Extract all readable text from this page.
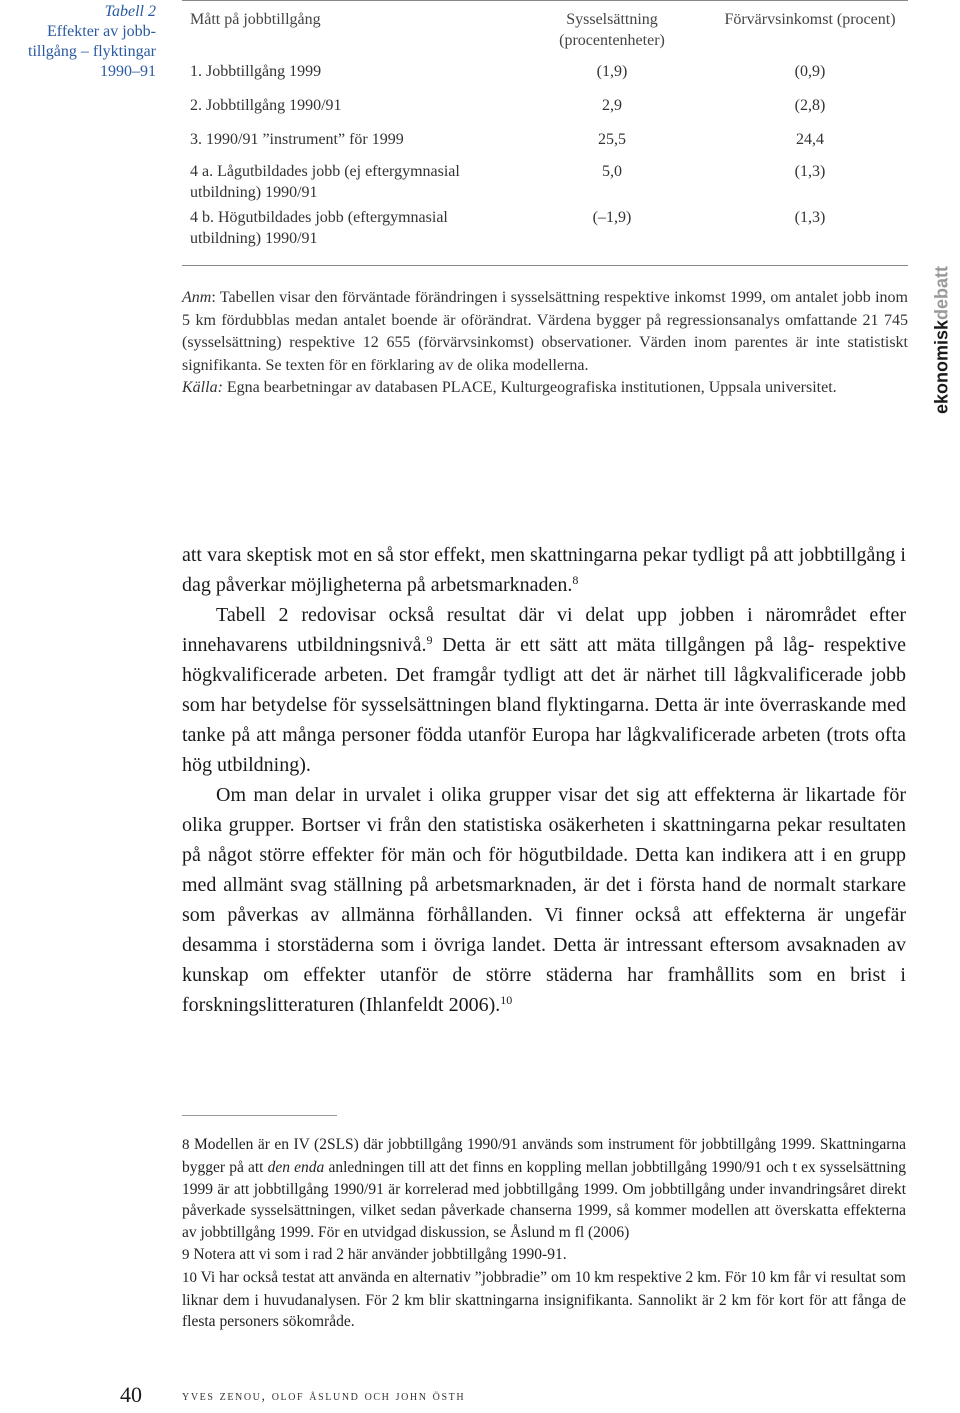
Tabell 2
Effekter av jobb-
tillgång – flyktingar
1990–91
Mått på jobbtillgång	Sysselsättning (procentenheter)	Förvärvsinkomst (procent)
1. Jobbtillgång 1999	(1,9)	(0,9)
2. Jobbtillgång 1990/91	2,9	(2,8)
3. 1990/91 ”instrument” för 1999	25,5	24,4
4 a. Lågutbildades jobb (ej eftergymnasial utbildning) 1990/91	5,0	(1,3)
4 b. Högutbildades jobb (eftergymnasial utbildning) 1990/91	(–1,9)	(1,3)

Anm: Tabellen visar den förväntade förändringen i sysselsättning respektive inkomst 1999, om antalet jobb inom 5 km fördubblas medan antalet boende är oförändrat. Värdena bygger på regressionsanalys omfattande 21 745 (sysselsättning) respektive 12 655 (förvärvsinkomst) observationer. Värden inom parentes är inte statistiskt signifikanta. Se texten för en förklaring av de olika modellerna.

Källa: Egna bearbetningar av databasen PLACE, Kulturgeografiska institutionen, Uppsala universitet.	ekonomiskdebatt

att vara skeptisk mot en så stor effekt, men skattningarna pekar tydligt på att jobbtillgång i dag påverkar möjligheterna på arbetsmarknaden.$^8$

Tabell 2 redovisar också resultat där vi delat upp jobben i närområdet efter innehavarens utbildningsnivå.$^9$ Detta är ett sätt att mäta tillgången på låg- respektive högkvalificerade arbeten. Det framgår tydligt att det är närhet till lågkvalificerade jobb som har betydelse för sysselsättningen bland flyktingarna. Detta är inte överraskande med tanke på att många personer födda utanför Europa har lågkvalificerade arbeten (trots ofta hög utbildning).

Om man delar in urvalet i olika grupper visar det sig att effekterna är likartade för olika grupper. Bortser vi från den statistiska osäkerheten i skattningarna pekar resultaten på något större effekter för män och för högutbildade. Detta kan indikera att i en grupp med allmänt svag ställning på arbetsmarknaden, är det i första hand de normalt starkare som påverkas av allmänna förhållanden. Vi finner också att effekterna är ungefär desamma i storstäderna som i övriga landet. Detta är intressant eftersom avsaknaden av kunskap om effekter utanför de större städerna har framhållits som en brist i forskningslitteraturen (Ihlanfeldt 2006).$^{10}$

8 Modellen är en IV (2SLS) där jobbtillgång 1990/91 används som instrument för jobbtillgång 1999. Skattningarna bygger på att den enda anledningen till att det finns en koppling mellan jobbtillgång 1990/91 och t ex sysselsättning 1999 är att jobbtillgång 1990/91 är korrelerad med jobbtillgång 1999. Om jobbtillgång under invandringsåret direkt påverkade sysselsättningen, vilket sedan påverkade chanserna 1999, så kommer modellen att överskatta effekterna av jobbtillgång 1999. För en utvidgad diskussion, se Åslund m fl (2006)

9 Notera att vi som i rad 2 här använder jobbtillgång 1990-91.

10 Vi har också testat att använda en alternativ ”jobbradie” om 10 km respektive 2 km. För 10 km får vi resultat som liknar dem i huvudanalysen. För 2 km blir skattningarna insignifikanta. Sannolikt är 2 km för kort för att fånga de flesta personers sökområde.

40	yves zenou, olof åslund och john östh
